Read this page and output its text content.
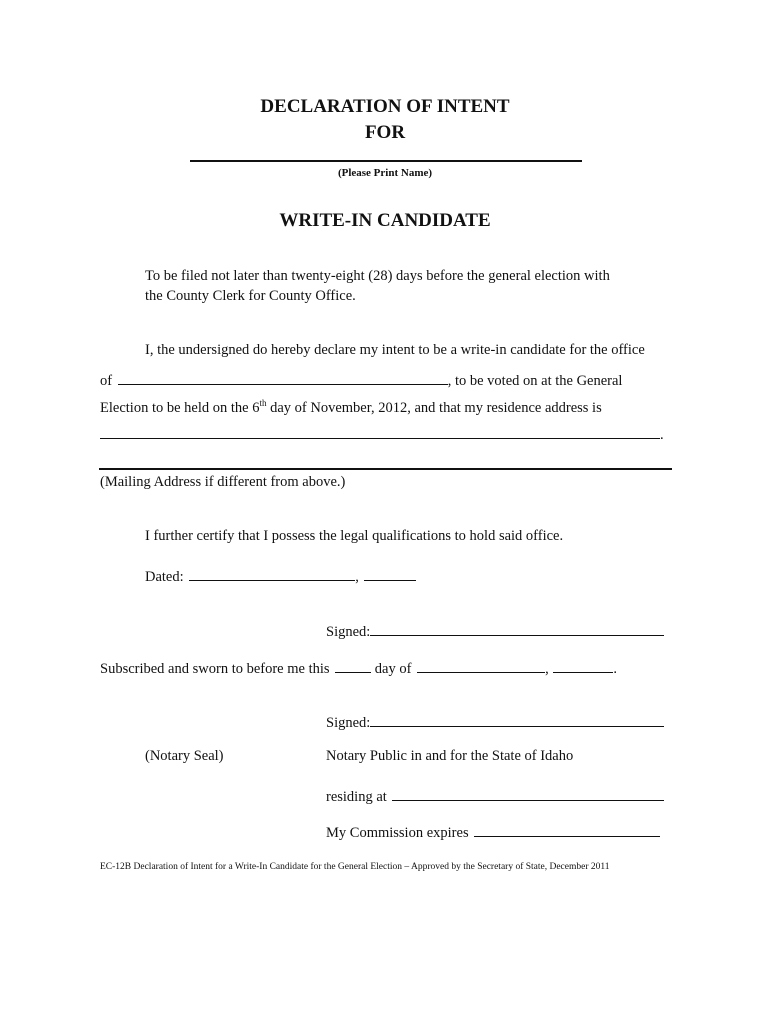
DECLARATION OF INTENT
FOR
(Please Print Name)
WRITE-IN CANDIDATE
To be filed not later than twenty-eight (28) days before the general election with
the County Clerk for County Office.
I, the undersigned do hereby declare my intent to be a write-in candidate for the office
of	, to be voted on at the General
Election to be held on the 6th day of November, 2012, and that my residence address is
.
(Mailing Address if different from above.)
I further certify that I possess the legal qualifications to hold said office.
Dated:	,
Signed:
Subscribed and sworn to before me this	day of	,	.
Signed:
(Notary Seal)	Notary Public in and for the State of Idaho
residing at
My Commission expires
EC-12B Declaration of Intent for a Write-In Candidate for the General Election – Approved by the Secretary of State, December 2011
